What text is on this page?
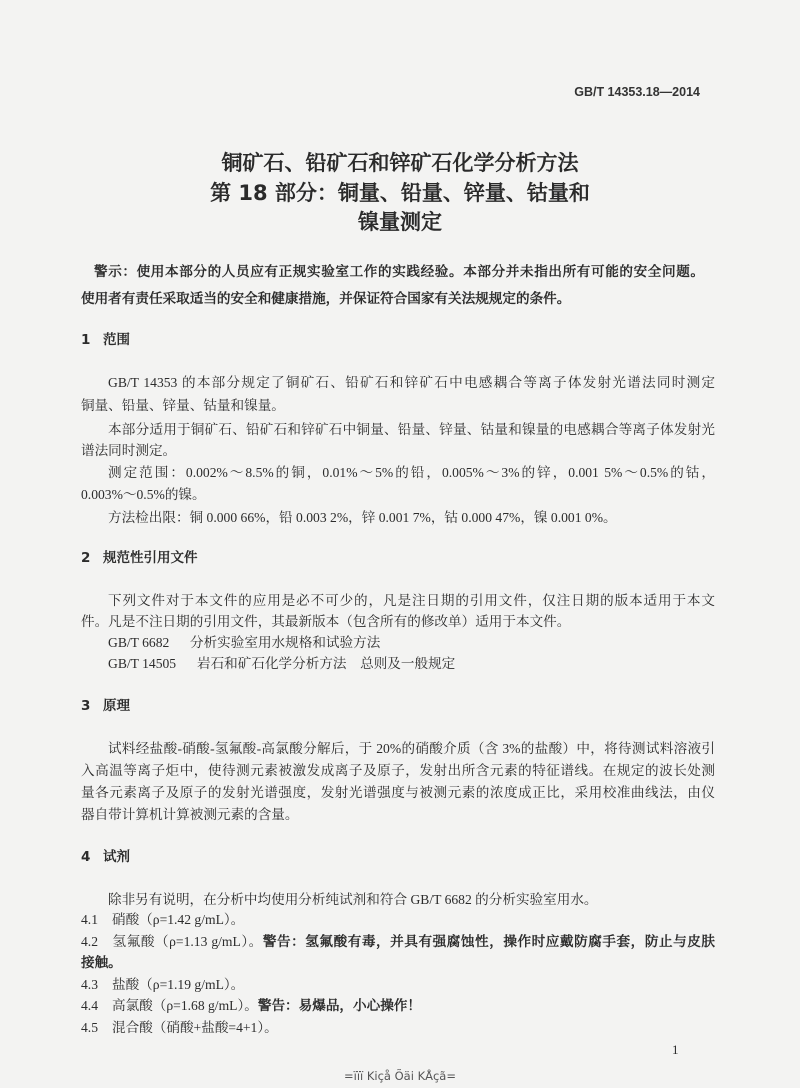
GB/T 14353.18—2014
铜矿石、铅矿石和锌矿石化学分析方法
第 18 部分：铜量、铅量、锌量、钴量和
镍量测定
警示：使用本部分的人员应有正规实验室工作的实践经验。本部分并未指出所有可能的安全问题。
使用者有责任采取适当的安全和健康措施，并保证符合国家有关法规规定的条件。
1 范围
GB/T 14353 的本部分规定了铜矿石、铅矿石和锌矿石中电感耦合等离子体发射光谱法同时测定
铜量、铅量、锌量、钴量和镍量。
本部分适用于铜矿石、铅矿石和锌矿石中铜量、铅量、锌量、钴量和镍量的电感耦合等离子体发射光
谱法同时测定。
测定范围：0.002%～8.5%的铜，0.01%～5%的铅，0.005%～3%的锌，0.001 5%～0.5%的钴，
0.003%～0.5%的镍。
方法检出限：铜 0.000 66%，铅 0.003 2%，锌 0.001 7%，钴 0.000 47%，镍 0.001 0%。
2 规范性引用文件
下列文件对于本文件的应用是必不可少的，凡是注日期的引用文件，仅注日期的版本适用于本文
件。凡是不注日期的引用文件，其最新版本（包含所有的修改单）适用于本文件。
GB/T 6682 分析实验室用水规格和试验方法
GB/T 14505 岩石和矿石化学分析方法　总则及一般规定
3 原理
试料经盐酸-硝酸-氢氟酸-高氯酸分解后，于 20%的硝酸介质（含 3%的盐酸）中，将待测试料溶液引
入高温等离子炬中，使待测元素被激发成离子及原子，发射出所含元素的特征谱线。在规定的波长处测
量各元素离子及原子的发射光谱强度，发射光谱强度与被测元素的浓度成正比，采用校准曲线法，由仪
器自带计算机计算被测元素的含量。
4 试剂
除非另有说明，在分析中均使用分析纯试剂和符合 GB/T 6682 的分析实验室用水。
4.1 硝酸（ρ=1.42 g/mL）。
4.2 氢氟酸（ρ=1.13 g/mL）。警告：氢氟酸有毒，并具有强腐蚀性，操作时应戴防腐手套，防止与皮肤
接触。
4.3 盐酸（ρ=1.19 g/mL）。
4.4 高氯酸（ρ=1.68 g/mL）。警告：易爆品，小心操作！
4.5 混合酸（硝酸+盐酸=4+1）。
1
=ïïï Kiçå Õäi KÅçã=
